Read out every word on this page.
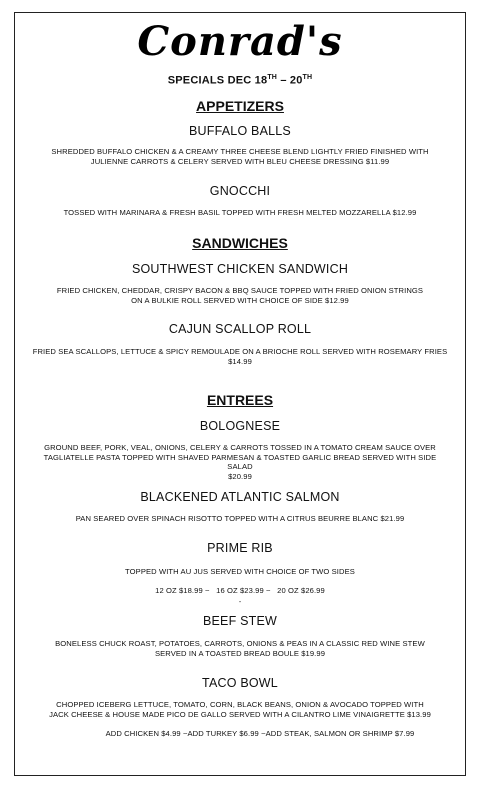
Conrad's
SPECIALS DEC 18TH – 20TH
APPETIZERS
BUFFALO BALLS
SHREDDED BUFFALO CHICKEN & A CREAMY THREE CHEESE BLEND LIGHTLY FRIED FINISHED WITH
JULIENNE CARROTS & CELERY SERVED WITH BLEU CHEESE DRESSING $11.99
GNOCCHI
TOSSED WITH MARINARA & FRESH BASIL TOPPED WITH FRESH MELTED MOZZARELLA $12.99
SANDWICHES
SOUTHWEST CHICKEN SANDWICH
FRIED CHICKEN, CHEDDAR, CRISPY BACON & BBQ SAUCE TOPPED WITH FRIED ONION STRINGS
ON A BULKIE ROLL SERVED WITH CHOICE OF SIDE $12.99
CAJUN SCALLOP ROLL
FRIED SEA SCALLOPS, LETTUCE & SPICY REMOULADE ON A BRIOCHE ROLL SERVED WITH ROSEMARY FRIES
$14.99
ENTREES
BOLOGNESE
GROUND BEEF, PORK, VEAL, ONIONS, CELERY & CARROTS TOSSED IN A TOMATO CREAM SAUCE OVER
TAGLIATELLE PASTA TOPPED WITH SHAVED PARMESAN & TOASTED GARLIC BREAD SERVED WITH SIDE SALAD
$20.99
BLACKENED ATLANTIC SALMON
PAN SEARED OVER SPINACH RISOTTO TOPPED WITH A CITRUS BEURRE BLANC $21.99
PRIME RIB
TOPPED WITH AU JUS SERVED WITH CHOICE OF TWO SIDES
12 OZ $18.99 ~   16 OZ $23.99 ~   20 OZ $26.99
-
BEEF STEW
BONELESS CHUCK ROAST, POTATOES, CARROTS, ONIONS & PEAS IN A CLASSIC RED WINE STEW
SERVED IN A TOASTED BREAD BOULE $19.99
TACO BOWL
CHOPPED ICEBERG LETTUCE, TOMATO, CORN, BLACK BEANS, ONION & AVOCADO TOPPED WITH
JACK CHEESE & HOUSE MADE PICO DE GALLO SERVED WITH A CILANTRO LIME VINAIGRETTE $13.99
ADD CHICKEN $4.99 ~ADD TURKEY $6.99 ~ADD STEAK, SALMON OR SHRIMP $7.99
